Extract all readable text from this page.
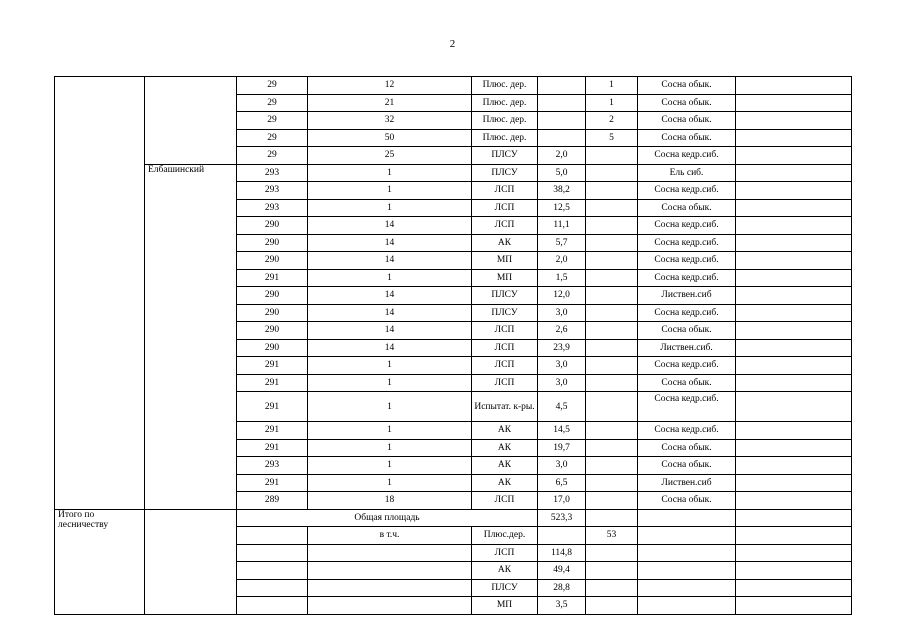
2
		29	12	Плюс. дер.		1	Сосна обык.	
		29	21	Плюс. дер.		1	Сосна обык.	
		29	32	Плюс. дер.		2	Сосна обык.	
		29	50	Плюс. дер.		5	Сосна обык.	
		29	25	ПЛСУ	2,0		Сосна кедр.сиб.	
	Елбашинский	293	1	ПЛСУ	5,0		Ель сиб.	
		293	1	ЛСП	38,2		Сосна кедр.сиб.	
		293	1	ЛСП	12,5		Сосна обык.	
		290	14	ЛСП	11,1		Сосна кедр.сиб.	
		290	14	АК	5,7		Сосна кедр.сиб.	
		290	14	МП	2,0		Сосна кедр.сиб.	
		291	1	МП	1,5		Сосна кедр.сиб.	
		290	14	ПЛСУ	12,0		Листвен.сиб	
		290	14	ПЛСУ	3,0		Сосна кедр.сиб.	
		290	14	ЛСП	2,6		Сосна обык.	
		290	14	ЛСП	23,9		Листвен.сиб.	
		291	1	ЛСП	3,0		Сосна кедр.сиб.	
		291	1	ЛСП	3,0		Сосна обык.	
		291	1	Испытат. к-ры.	4,5		Сосна кедр.сиб.	
		291	1	АК	14,5		Сосна кедр.сиб.	
		291	1	АК	19,7		Сосна обык.	
		293	1	АК	3,0		Сосна обык.	
		291	1	АК	6,5		Листвен.сиб	
		289	18	ЛСП	17,0		Сосна обык.	
Итого по лесничеству		Общая площадь			523,3			
			в т.ч.	Плюс.дер.		53		
				ЛСП	114,8			
				АК	49,4			
				ПЛСУ	28,8			
				МП	3,5			
